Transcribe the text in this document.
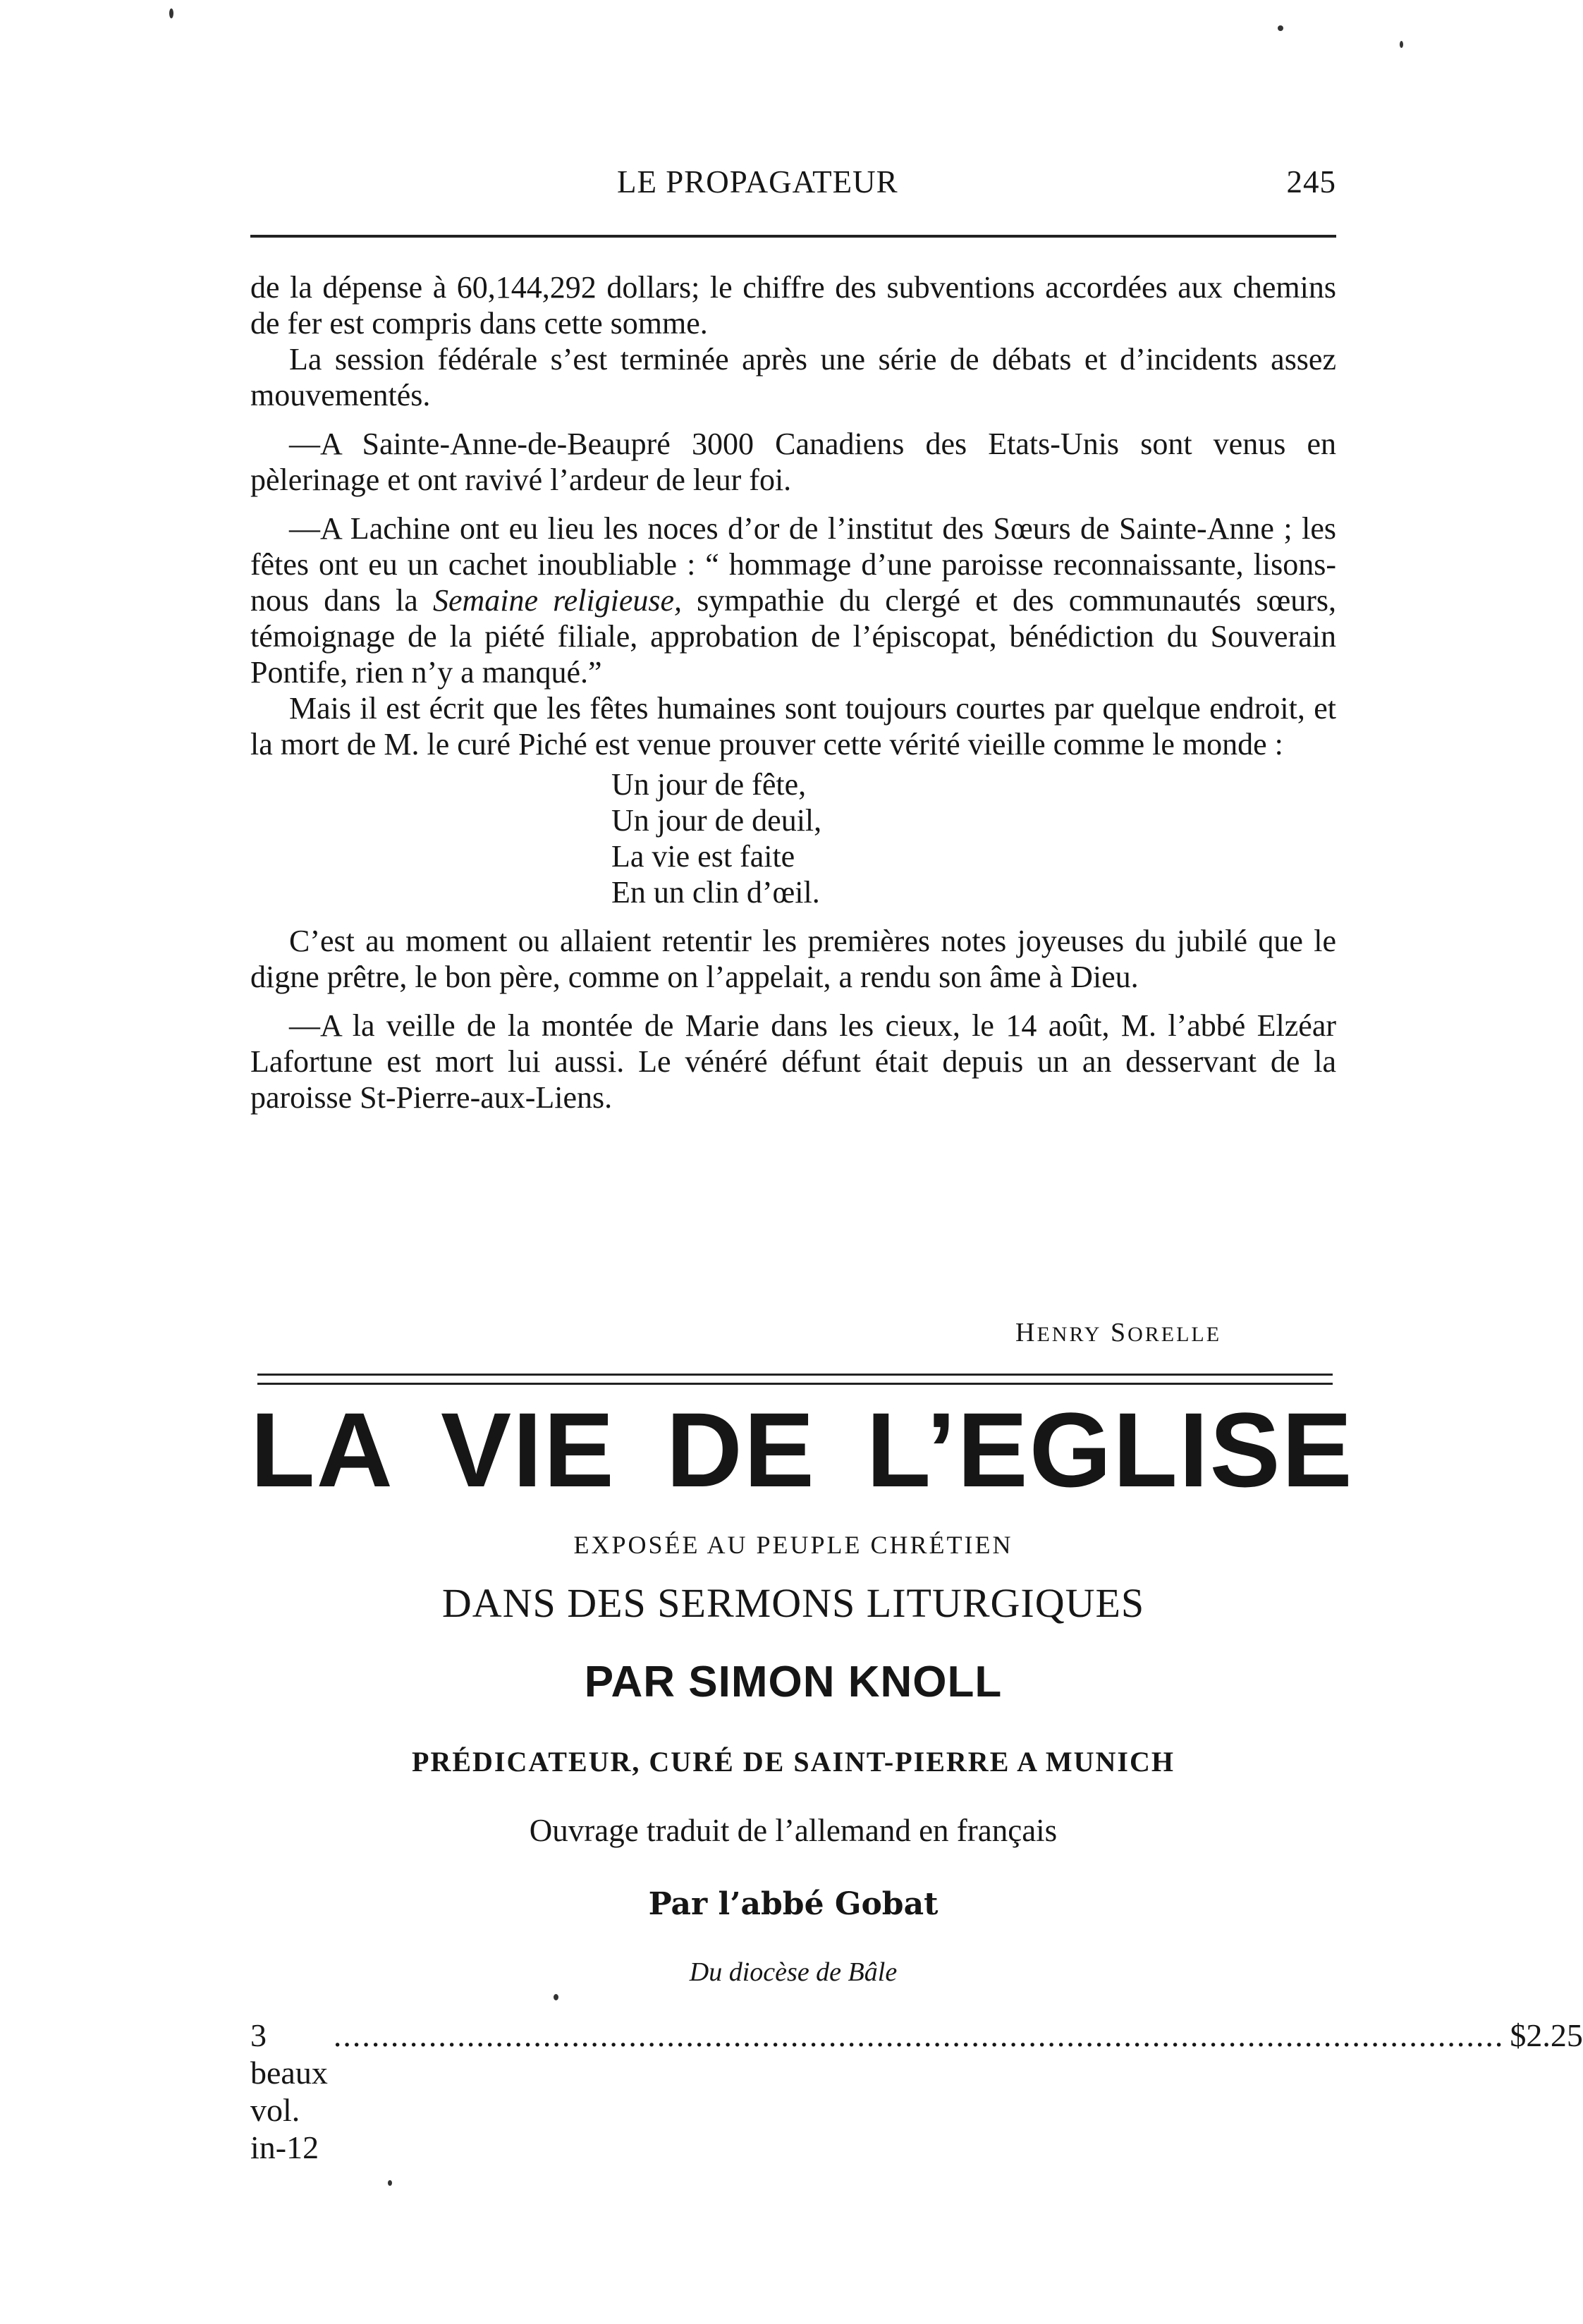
LE PROPAGATEUR	245

de la dépense à 60,144,292 dollars; le chiffre des subventions accordées aux chemins de fer est compris dans cette somme.

La session fédérale s’est terminée après une série de débats et d’incidents assez mouvementés.

—A Sainte-Anne-de-Beaupré 3000 Canadiens des Etats-Unis sont venus en pèlerinage et ont ravivé l’ardeur de leur foi.

—A Lachine ont eu lieu les noces d’or de l’institut des Sœurs de Sainte-Anne ; les fêtes ont eu un cachet inoubliable : “ hommage d’une paroisse reconnaissante, lisons-nous dans la Semaine religieuse, sympathie du clergé et des communautés sœurs, témoignage de la piété filiale, approbation de l’épiscopat, bénédiction du Souverain Pontife, rien n’y a manqué.”

Mais il est écrit que les fêtes humaines sont toujours courtes par quelque endroit, et la mort de M. le curé Piché est venue prouver cette vérité vieille comme le monde :

Un jour de fête,
Un jour de deuil,
La vie est faite
En un clin d’œil.

C’est au moment ou allaient retentir les premières notes joyeuses du jubilé que le digne prêtre, le bon père, comme on l’appelait, a rendu son âme à Dieu.

—A la veille de la montée de Marie dans les cieux, le 14 août, M. l’abbé Elzéar Lafortune est mort lui aussi. Le vénéré défunt était depuis un an desservant de la paroisse St-Pierre-aux-Liens.

HENRY SORELLE
LA VIE DE L’EGLISE
EXPOSÉE AU PEUPLE CHRÉTIEN
DANS DES SERMONS LITURGIQUES
PAR SIMON KNOLL
PRÉDICATEUR, CURÉ DE SAINT-PIERRE A MUNICH
Ouvrage traduit de l’allemand en français
Par l’abbé Gobat
Du diocèse de Bâle
3 beaux vol. in-12
........................................................................................................................... $2.25
